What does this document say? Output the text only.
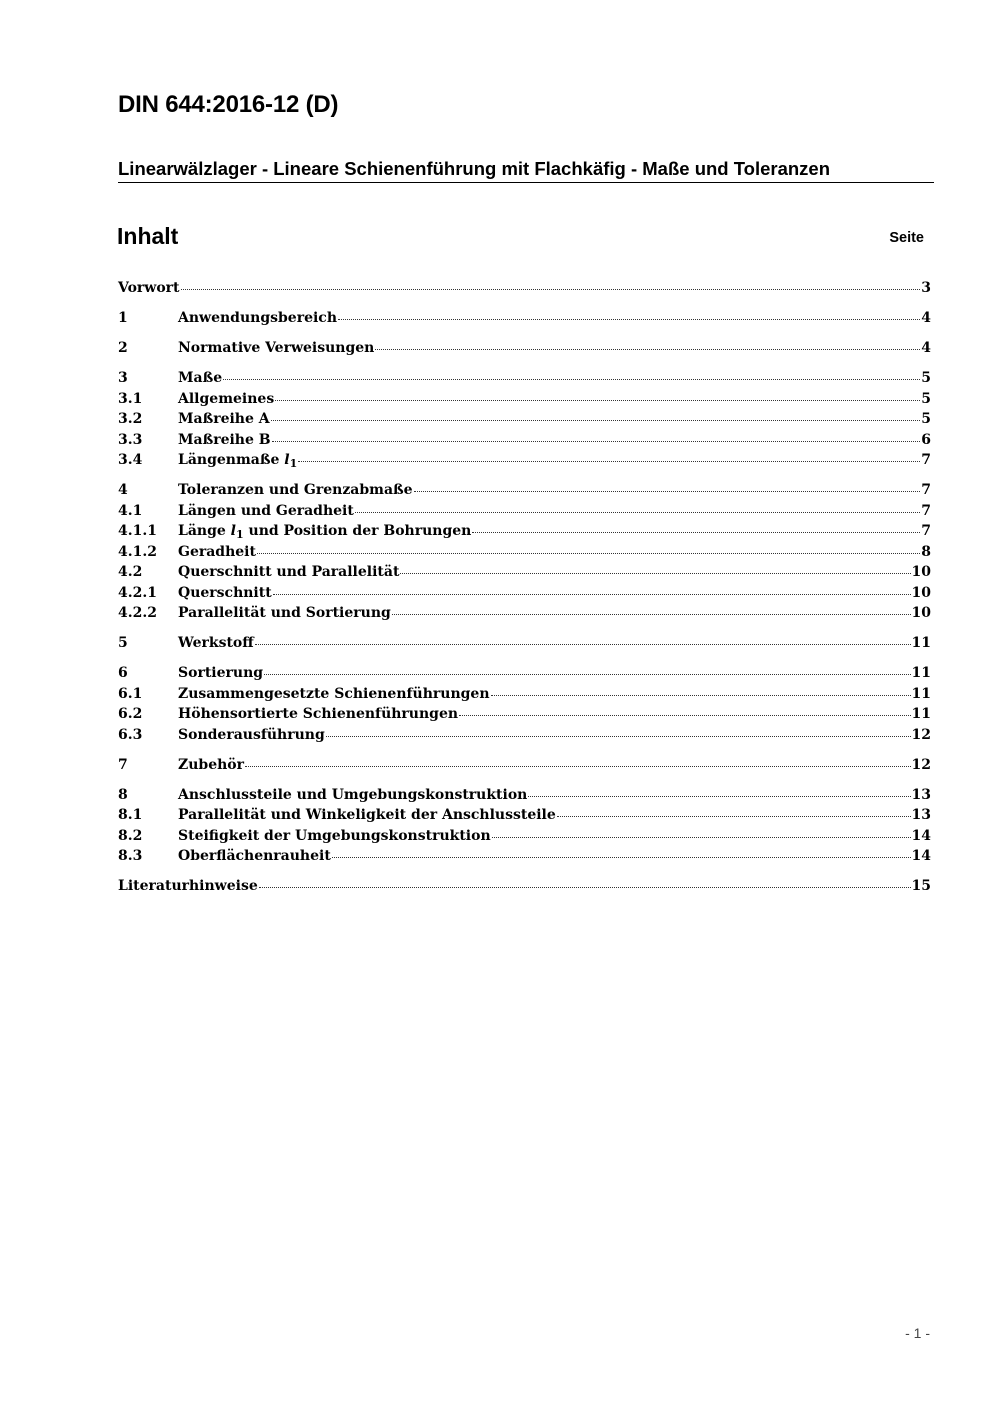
DIN 644:2016-12 (D)
Linearwälzlager - Lineare Schienenführung mit Flachkäfig - Maße und Toleranzen
Inhalt	Seite
Vorwort	3
1	Anwendungsbereich	4
2	Normative Verweisungen	4
3	Maße	5
3.1	Allgemeines	5
3.2	Maßreihe A	5
3.3	Maßreihe B	6
3.4	Längenmaße $l_1$	7
4	Toleranzen und Grenzabmaße	7
4.1	Längen und Geradheit	7
4.1.1	Länge $l_1$ und Position der Bohrungen	7
4.1.2	Geradheit	8
4.2	Querschnitt und Parallelität	10
4.2.1	Querschnitt	10
4.2.2	Parallelität und Sortierung	10
5	Werkstoff	11
6	Sortierung	11
6.1	Zusammengesetzte Schienenführungen	11
6.2	Höhensortierte Schienenführungen	11
6.3	Sonderausführung	12
7	Zubehör	12
8	Anschlussteile und Umgebungskonstruktion	13
8.1	Parallelität und Winkeligkeit der Anschlussteile	13
8.2	Steifigkeit der Umgebungskonstruktion	14
8.3	Oberflächenrauheit	14
Literaturhinweise	15
- 1 -
